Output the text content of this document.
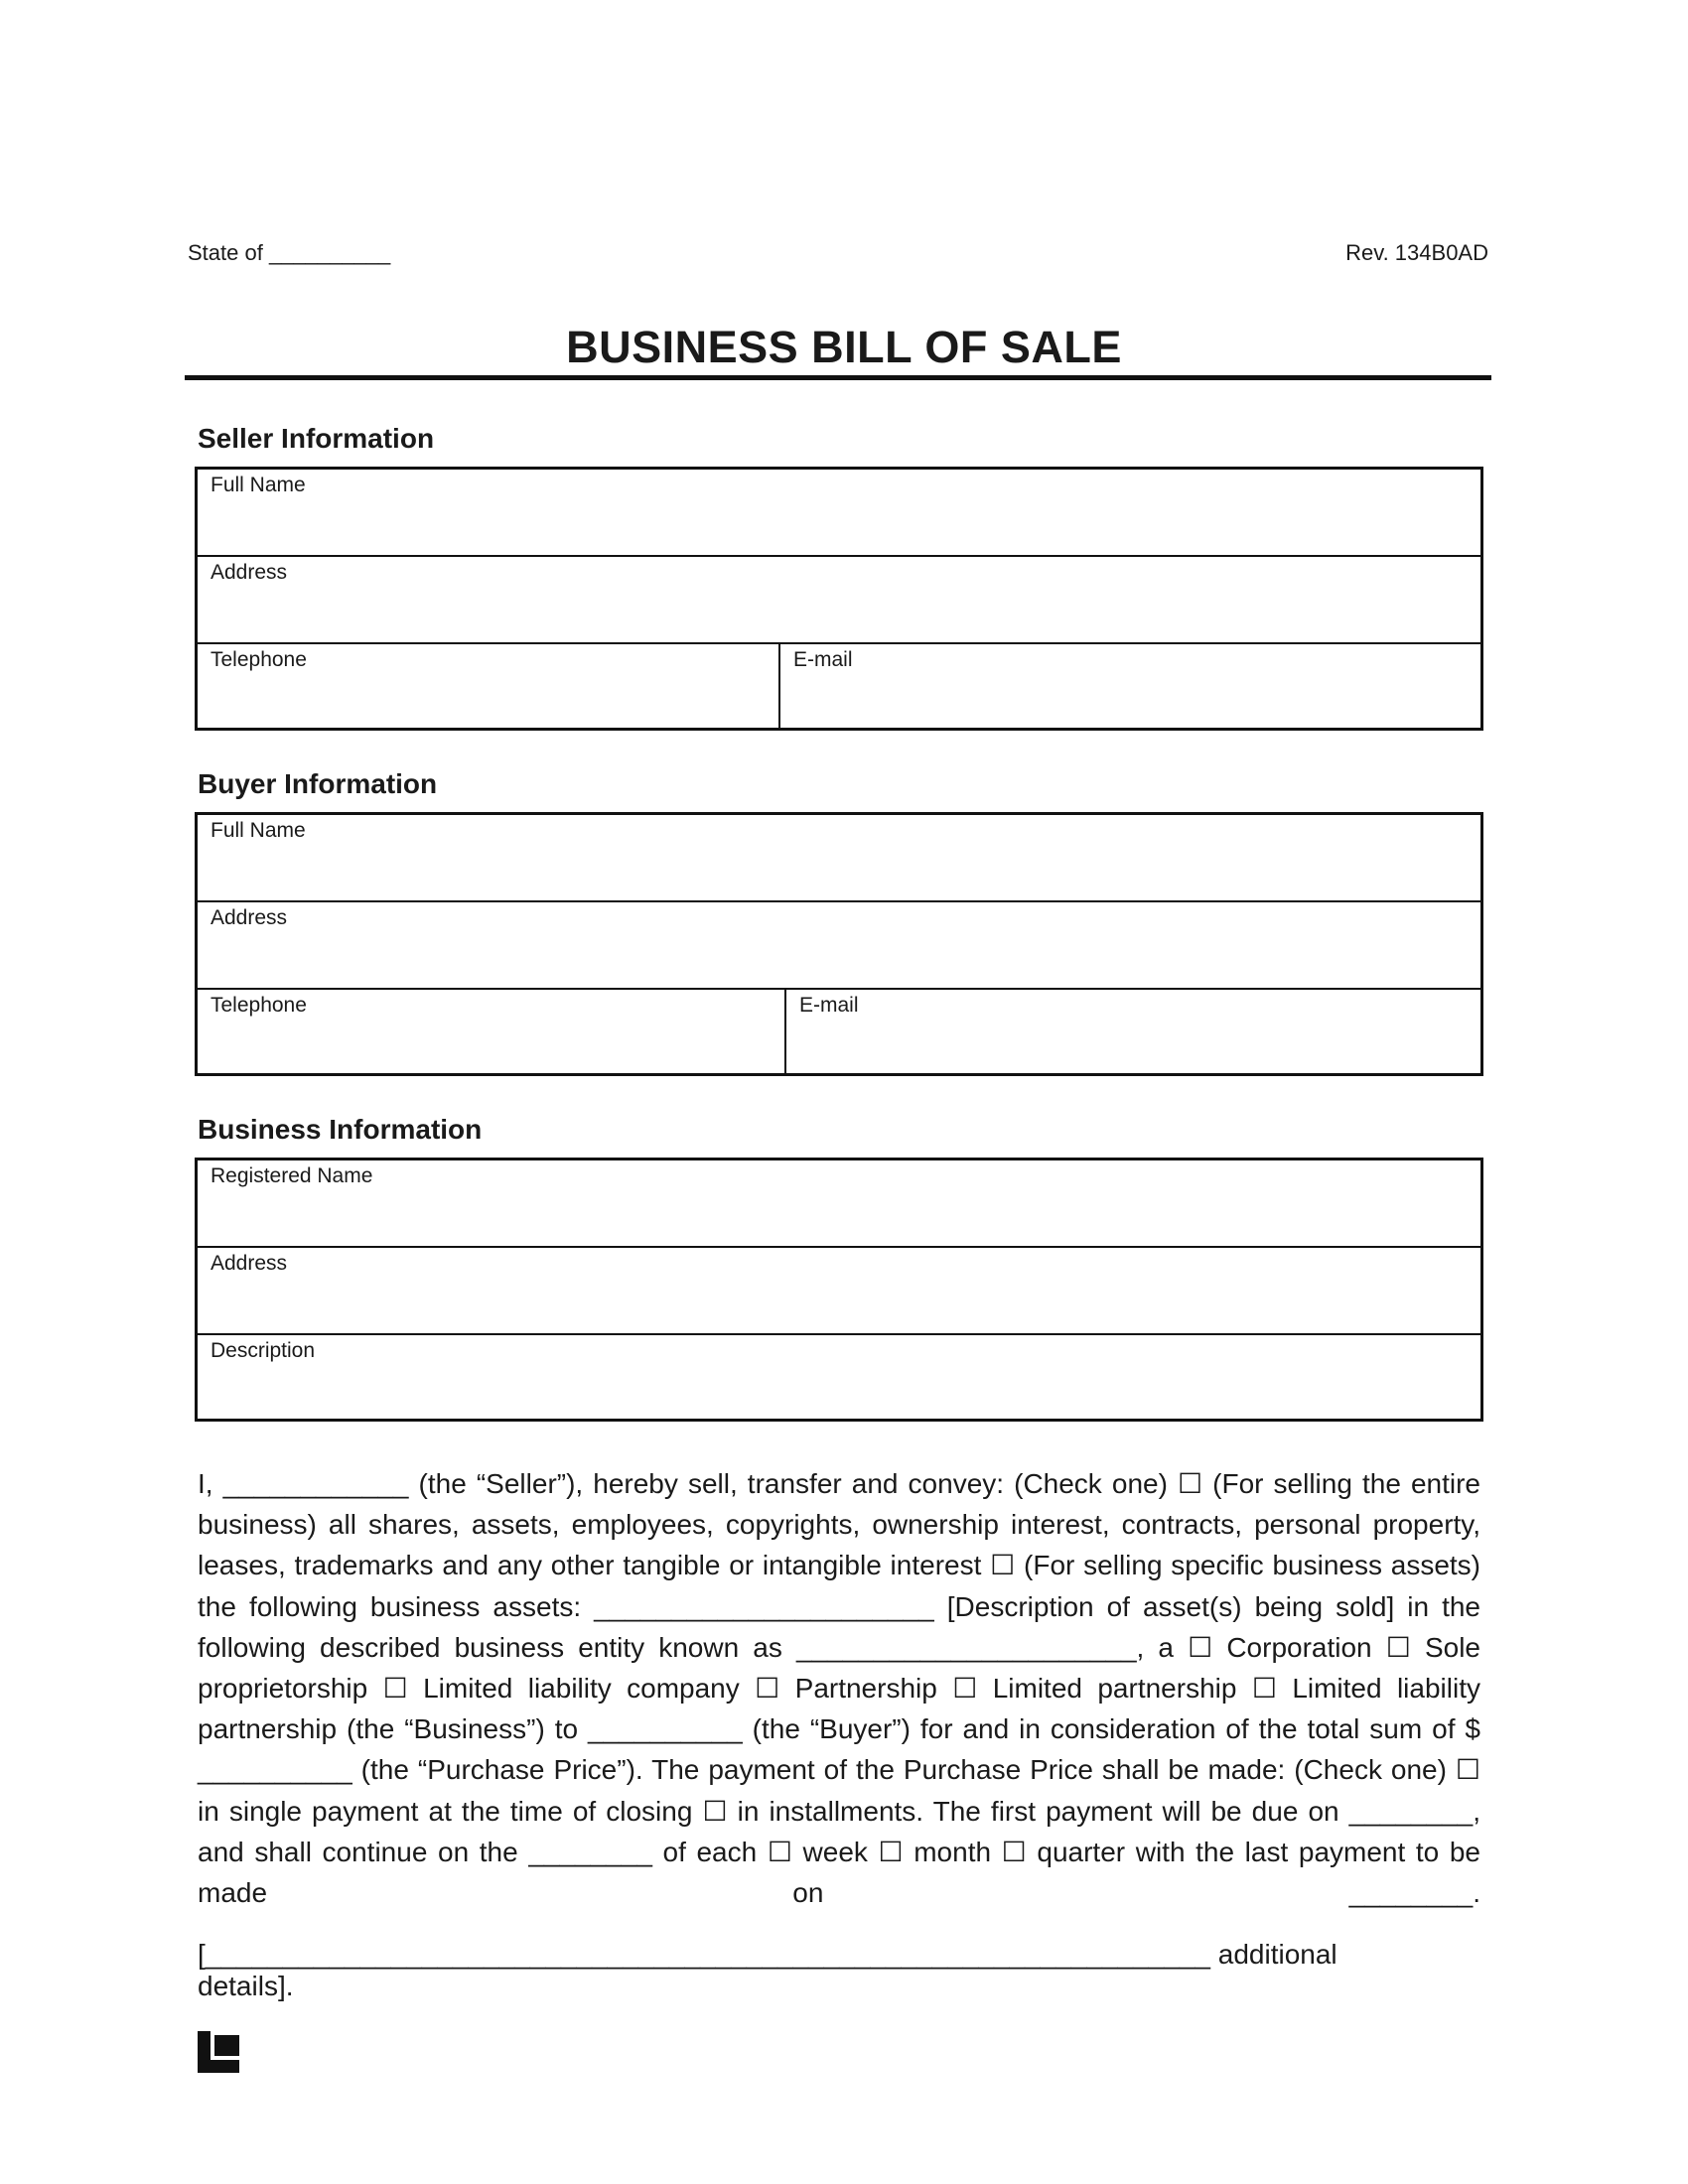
State of __________	Rev. 134B0AD
BUSINESS BILL OF SALE
Seller Information
Full Name
Address
Telephone	E-mail
Buyer Information
Full Name
Address
Telephone	E-mail
Business Information
Registered Name
Address
Description
I, ____________ (the “Seller”), hereby sell, transfer and convey: (Check one) ☐ (For selling the entire business) all shares, assets, employees, copyrights, ownership interest, contracts, personal property, leases, trademarks and any other tangible or intangible interest ☐ (For selling specific business assets) the following business assets: ______________________ [Description of asset(s) being sold] in the following described business entity known as ______________________, a ☐ Corporation ☐ Sole proprietorship ☐ Limited liability company ☐ Partnership ☐ Limited partnership ☐ Limited liability partnership (the “Business”) to __________ (the “Buyer”) for and in consideration of the total sum of $ __________ (the “Purchase Price”). The payment of the Purchase Price shall be made: (Check one) ☐ in single payment at the time of closing ☐ in installments. The first payment will be due on ________, and shall continue on the ________ of each ☐ week ☐ month ☐ quarter with the last payment to be made on ________.
[_________________________________________________________________ additional details].
